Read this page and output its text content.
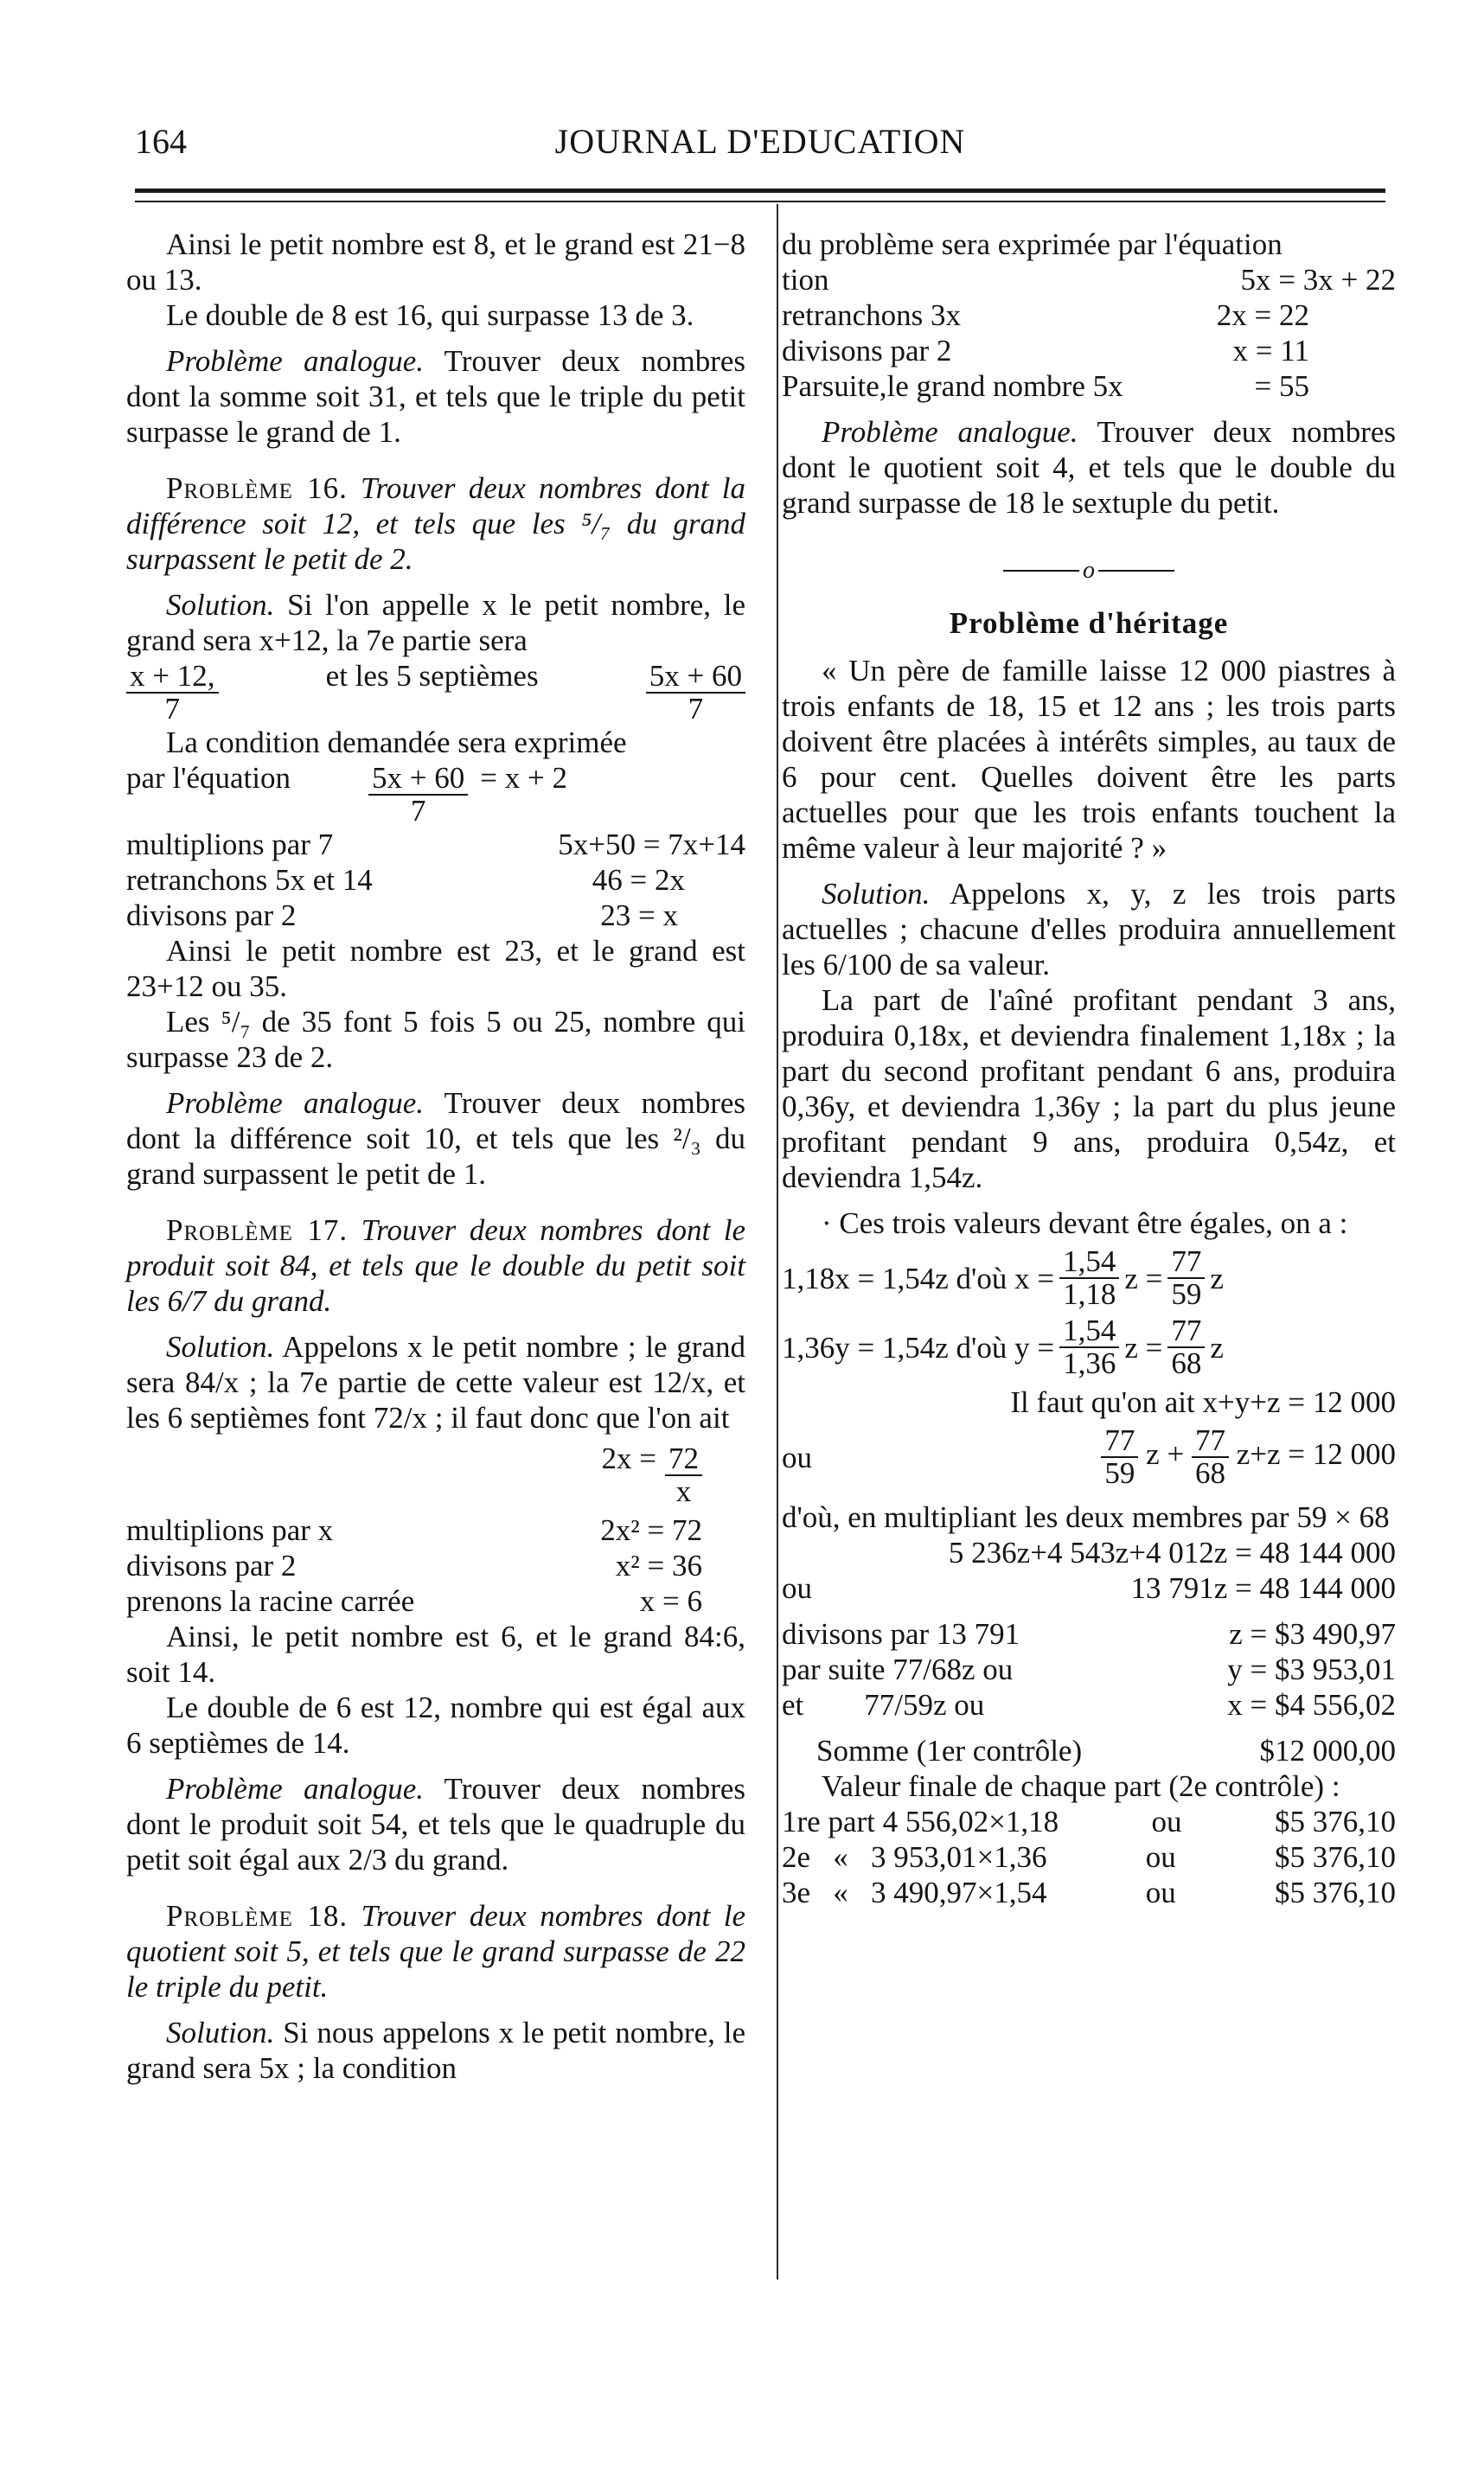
164	JOURNAL D'EDUCATION

Ainsi le petit nombre est 8, et le grand est 21−8 ou 13.

Le double de 8 est 16, qui surpasse 13 de 3.

Problème analogue. Trouver deux nombres dont la somme soit 31, et tels que le triple du petit surpasse le grand de 1.

Problème 16. Trouver deux nombres dont la différence soit 12, et tels que les ⁵/₇ du grand surpassent le petit de 2.

Solution. Si l'on appelle x le petit nombre, le grand sera x+12, la 7e partie sera

$\frac{x + 12,}{7}$	et les 5 septièmes	$\frac{5x + 60}{7}$

La condition demandée sera exprimée

par l'équation	$\frac{5x + 60}{7} = x + 2$
multiplions par 7	5x+50 = 7x+14
retranchons 5x et 14	46 = 2x
divisons par 2	23 = x

Ainsi le petit nombre est 23, et le grand est 23+12 ou 35.

Les ⁵/₇ de 35 font 5 fois 5 ou 25, nombre qui surpasse 23 de 2.

Problème analogue. Trouver deux nombres dont la différence soit 10, et tels que les ²/₃ du grand surpassent le petit de 1.

Problème 17. Trouver deux nombres dont le produit soit 84, et tels que le double du petit soit les 6/7 du grand.

Solution. Appelons x le petit nombre ; le grand sera 84/x ; la 7e partie de cette valeur est 12/x, et les 6 septièmes font 72/x ; il faut donc que l'on ait

$2x = \frac{72}{x}$
multiplions par x	2x² = 72
divisons par 2	x² = 36
prenons la racine carrée	x = 6

Ainsi, le petit nombre est 6, et le grand 84:6, soit 14.

Le double de 6 est 12, nombre qui est égal aux 6 septièmes de 14.

Problème analogue. Trouver deux nombres dont le produit soit 54, et tels que le quadruple du petit soit égal aux 2/3 du grand.

Problème 18. Trouver deux nombres dont le quotient soit 5, et tels que le grand surpasse de 22 le triple du petit.

Solution. Si nous appelons x le petit nombre, le grand sera 5x ; la condition

du problème sera exprimée par l'équation

tion	5x = 3x + 22
retranchons 3x	2x = 22
divisons par 2	x = 11
Parsuite,le grand nombre 5x	= 55

Problème analogue. Trouver deux nombres dont le quotient soit 4, et tels que le double du grand surpasse de 18 le sextuple du petit.

o
Problème d'héritage

« Un père de famille laisse 12 000 piastres à trois enfants de 18, 15 et 12 ans ; les trois parts doivent être placées à intérêts simples, au taux de 6 pour cent. Quelles doivent être les parts actuelles pour que les trois enfants touchent la même valeur à leur majorité ? »

Solution. Appelons x, y, z les trois parts actuelles ; chacune d'elles produira annuellement les 6/100 de sa valeur.

La part de l'aîné profitant pendant 3 ans, produira 0,18x, et deviendra finalement 1,18x ; la part du second profitant pendant 6 ans, produira 0,36y, et deviendra 1,36y ; la part du plus jeune profitant pendant 9 ans, produira 0,54z, et deviendra 1,54z.

· Ces trois valeurs devant être égales, on a :

1,18x = 1,54z d'où $x = \frac{1,54}{1,18}$ $z = \frac{77}{59}$ z
1,36y = 1,54z d'où $y = \frac{1,54}{1,36}$ $z = \frac{77}{68}$ z

Il faut qu'on ait x+y+z = 12 000

ou	$\frac{77}{59}$ $z + \frac{77}{68} z+z = 12$ 000

d'où, en multipliant les deux membres par 59 × 68

5 236z+4 543z+4 012z = 48 144 000

ou	13 791z = 48 144 000
divisons par 13 791	z = $3 490,97
par suite 77/68z ou	y = $3 953,01
et        77/59z ou	x = $4 556,02
Somme (1er contrôle)	$12 000,00

Valeur finale de chaque part (2e contrôle) :

1re part 4 556,02×1,18	ou	$5 376,10
2e   «   3 953,01×1,36	ou	$5 376,10
3e   «   3 490,97×1,54	ou	$5 376,10
